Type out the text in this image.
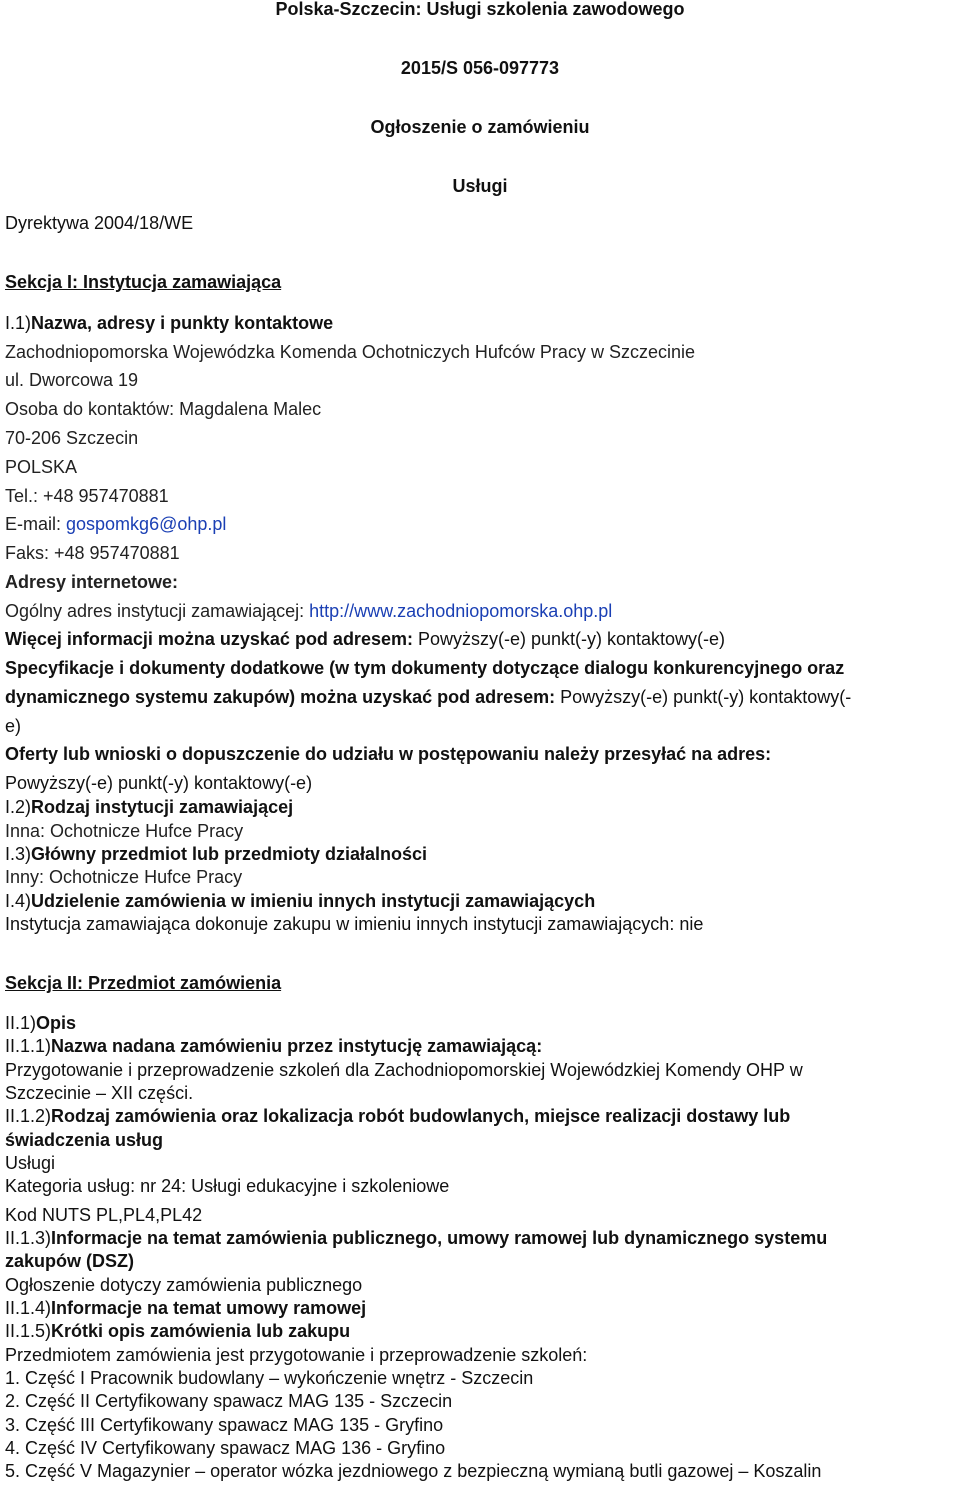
Polska-Szczecin: Usługi szkolenia zawodowego
2015/S 056-097773
Ogłoszenie o zamówieniu
Usługi
Dyrektywa 2004/18/WE
Sekcja I: Instytucja zamawiająca
I.1)Nazwa, adresy i punkty kontaktowe
Zachodniopomorska Wojewódzka Komenda Ochotniczych Hufców Pracy w Szczecinie
ul. Dworcowa 19
Osoba do kontaktów: Magdalena Malec
70-206 Szczecin
POLSKA
Tel.: +48 957470881
E-mail: gospomkg6@ohp.pl
Faks: +48 957470881
Adresy internetowe:
Ogólny adres instytucji zamawiającej: http://www.zachodniopomorska.ohp.pl
Więcej informacji można uzyskać pod adresem: Powyższy(-e) punkt(-y) kontaktowy(-e)
Specyfikacje i dokumenty dodatkowe (w tym dokumenty dotyczące dialogu konkurencyjnego oraz
dynamicznego systemu zakupów) można uzyskać pod adresem: Powyższy(-e) punkt(-y) kontaktowy(-
e)
Oferty lub wnioski o dopuszczenie do udziału w postępowaniu należy przesyłać na adres:
Powyższy(-e) punkt(-y) kontaktowy(-e)
I.2)Rodzaj instytucji zamawiającej
Inna: Ochotnicze Hufce Pracy
I.3)Główny przedmiot lub przedmioty działalności
Inny: Ochotnicze Hufce Pracy
I.4)Udzielenie zamówienia w imieniu innych instytucji zamawiających
Instytucja zamawiająca dokonuje zakupu w imieniu innych instytucji zamawiających: nie
Sekcja II: Przedmiot zamówienia
II.1)Opis
II.1.1)Nazwa nadana zamówieniu przez instytucję zamawiającą:
Przygotowanie i przeprowadzenie szkoleń dla Zachodniopomorskiej Wojewódzkiej Komendy OHP w
Szczecinie – XII części.
II.1.2)Rodzaj zamówienia oraz lokalizacja robót budowlanych, miejsce realizacji dostawy lub
świadczenia usług
Usługi
Kategoria usług: nr 24: Usługi edukacyjne i szkoleniowe
Kod NUTS PL,PL4,PL42
II.1.3)Informacje na temat zamówienia publicznego, umowy ramowej lub dynamicznego systemu
zakupów (DSZ)
Ogłoszenie dotyczy zamówienia publicznego
II.1.4)Informacje na temat umowy ramowej
II.1.5)Krótki opis zamówienia lub zakupu
Przedmiotem zamówienia jest przygotowanie i przeprowadzenie szkoleń:
1. Część I Pracownik budowlany – wykończenie wnętrz - Szczecin
2. Część II Certyfikowany spawacz MAG 135 - Szczecin
3. Część III Certyfikowany spawacz MAG 135 - Gryfino
4. Część IV Certyfikowany spawacz MAG 136 - Gryfino
5. Część V Magazynier – operator wózka jezdniowego z bezpieczną wymianą butli gazowej – Koszalin
